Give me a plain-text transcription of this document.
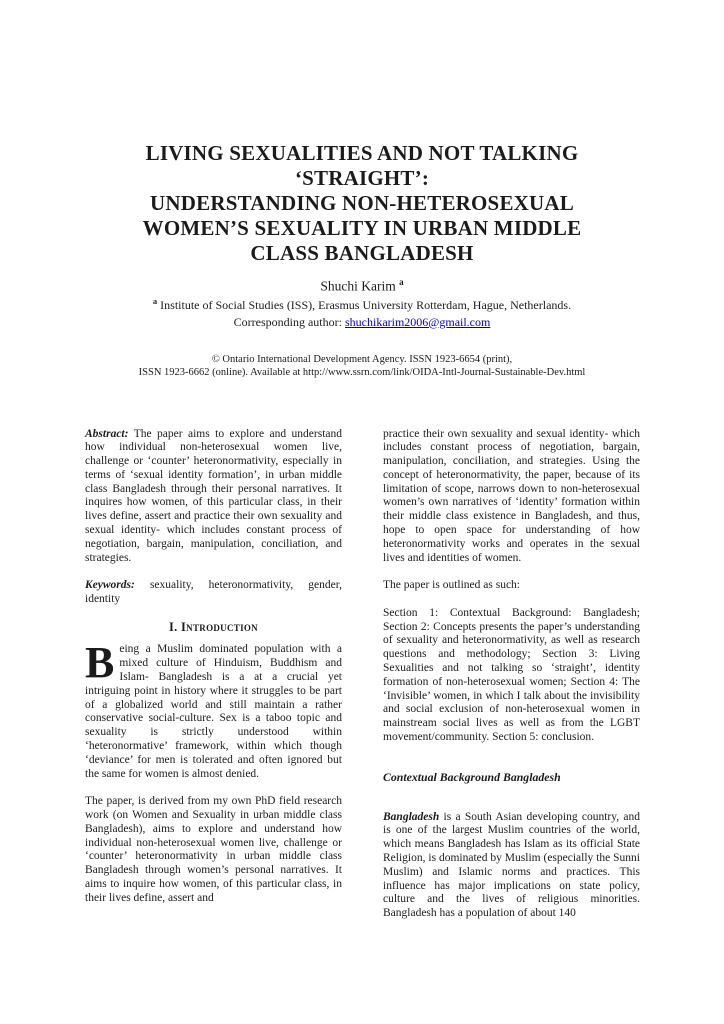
LIVING SEXUALITIES AND NOT TALKING
‘STRAIGHT’:
UNDERSTANDING NON-HETEROSEXUAL
WOMEN’S SEXUALITY IN URBAN MIDDLE
CLASS BANGLADESH
Shuchi Karim $^a$
$^a$ Institute of Social Studies (ISS), Erasmus University Rotterdam, Hague, Netherlands.
Corresponding author: shuchikarim2006@gmail.com
© Ontario International Development Agency. ISSN 1923-6654 (print),
ISSN 1923-6662 (online). Available at http://www.ssrn.com/link/OIDA-Intl-Journal-Sustainable-Dev.html

Abstract: The paper aims to explore and understand how individual non-heterosexual women live, challenge or ‘counter’ heteronormativity, especially in terms of ‘sexual identity formation’, in urban middle class Bangladesh through their personal narratives. It inquires how women, of this particular class, in their lives define, assert and practice their own sexuality and sexual identity- which includes constant process of negotiation, bargain, manipulation, conciliation, and strategies.

Keywords: sexuality, heteronormativity, gender, identity

I. Introduction

Being a Muslim dominated population with a mixed culture of Hinduism, Buddhism and Islam- Bangladesh is a at a crucial yet intriguing point in history where it struggles to be part of a globalized world and still maintain a rather conservative social-culture. Sex is a taboo topic and sexuality is strictly understood within ‘heteronormative’ framework, within which though ‘deviance’ for men is tolerated and often ignored but the same for women is almost denied.

The paper, is derived from my own PhD field research work (on Women and Sexuality in urban middle class Bangladesh), aims to explore and understand how individual non-heterosexual women live, challenge or ‘counter’ heteronormativity in urban middle class Bangladesh through women’s personal narratives. It aims to inquire how women, of this particular class, in their lives define, assert and

practice their own sexuality and sexual identity- which includes constant process of negotiation, bargain, manipulation, conciliation, and strategies. Using the concept of heteronormativity, the paper, because of its limitation of scope, narrows down to non-heterosexual women’s own narratives of ‘identity’ formation within their middle class existence in Bangladesh, and thus, hope to open space for understanding of how heteronormativity works and operates in the sexual lives and identities of women.

The paper is outlined as such:

Section 1: Contextual Background: Bangladesh; Section 2: Concepts presents the paper’s understanding of sexuality and heteronormativity, as well as research questions and methodology; Section 3: Living Sexualities and not talking so ‘straight’, identity formation of non-heterosexual women; Section 4: The ‘Invisible’ women, in which I talk about the invisibility and social exclusion of non-heterosexual women in mainstream social lives as well as from the LGBT movement/community. Section 5: conclusion.

Contextual Background Bangladesh

Bangladesh is a South Asian developing country, and is one of the largest Muslim countries of the world, which means Bangladesh has Islam as its official State Religion, is dominated by Muslim (especially the Sunni Muslim) and Islamic norms and practices. This influence has major implications on state policy, culture and the lives of religious minorities. Bangladesh has a population of about 140
